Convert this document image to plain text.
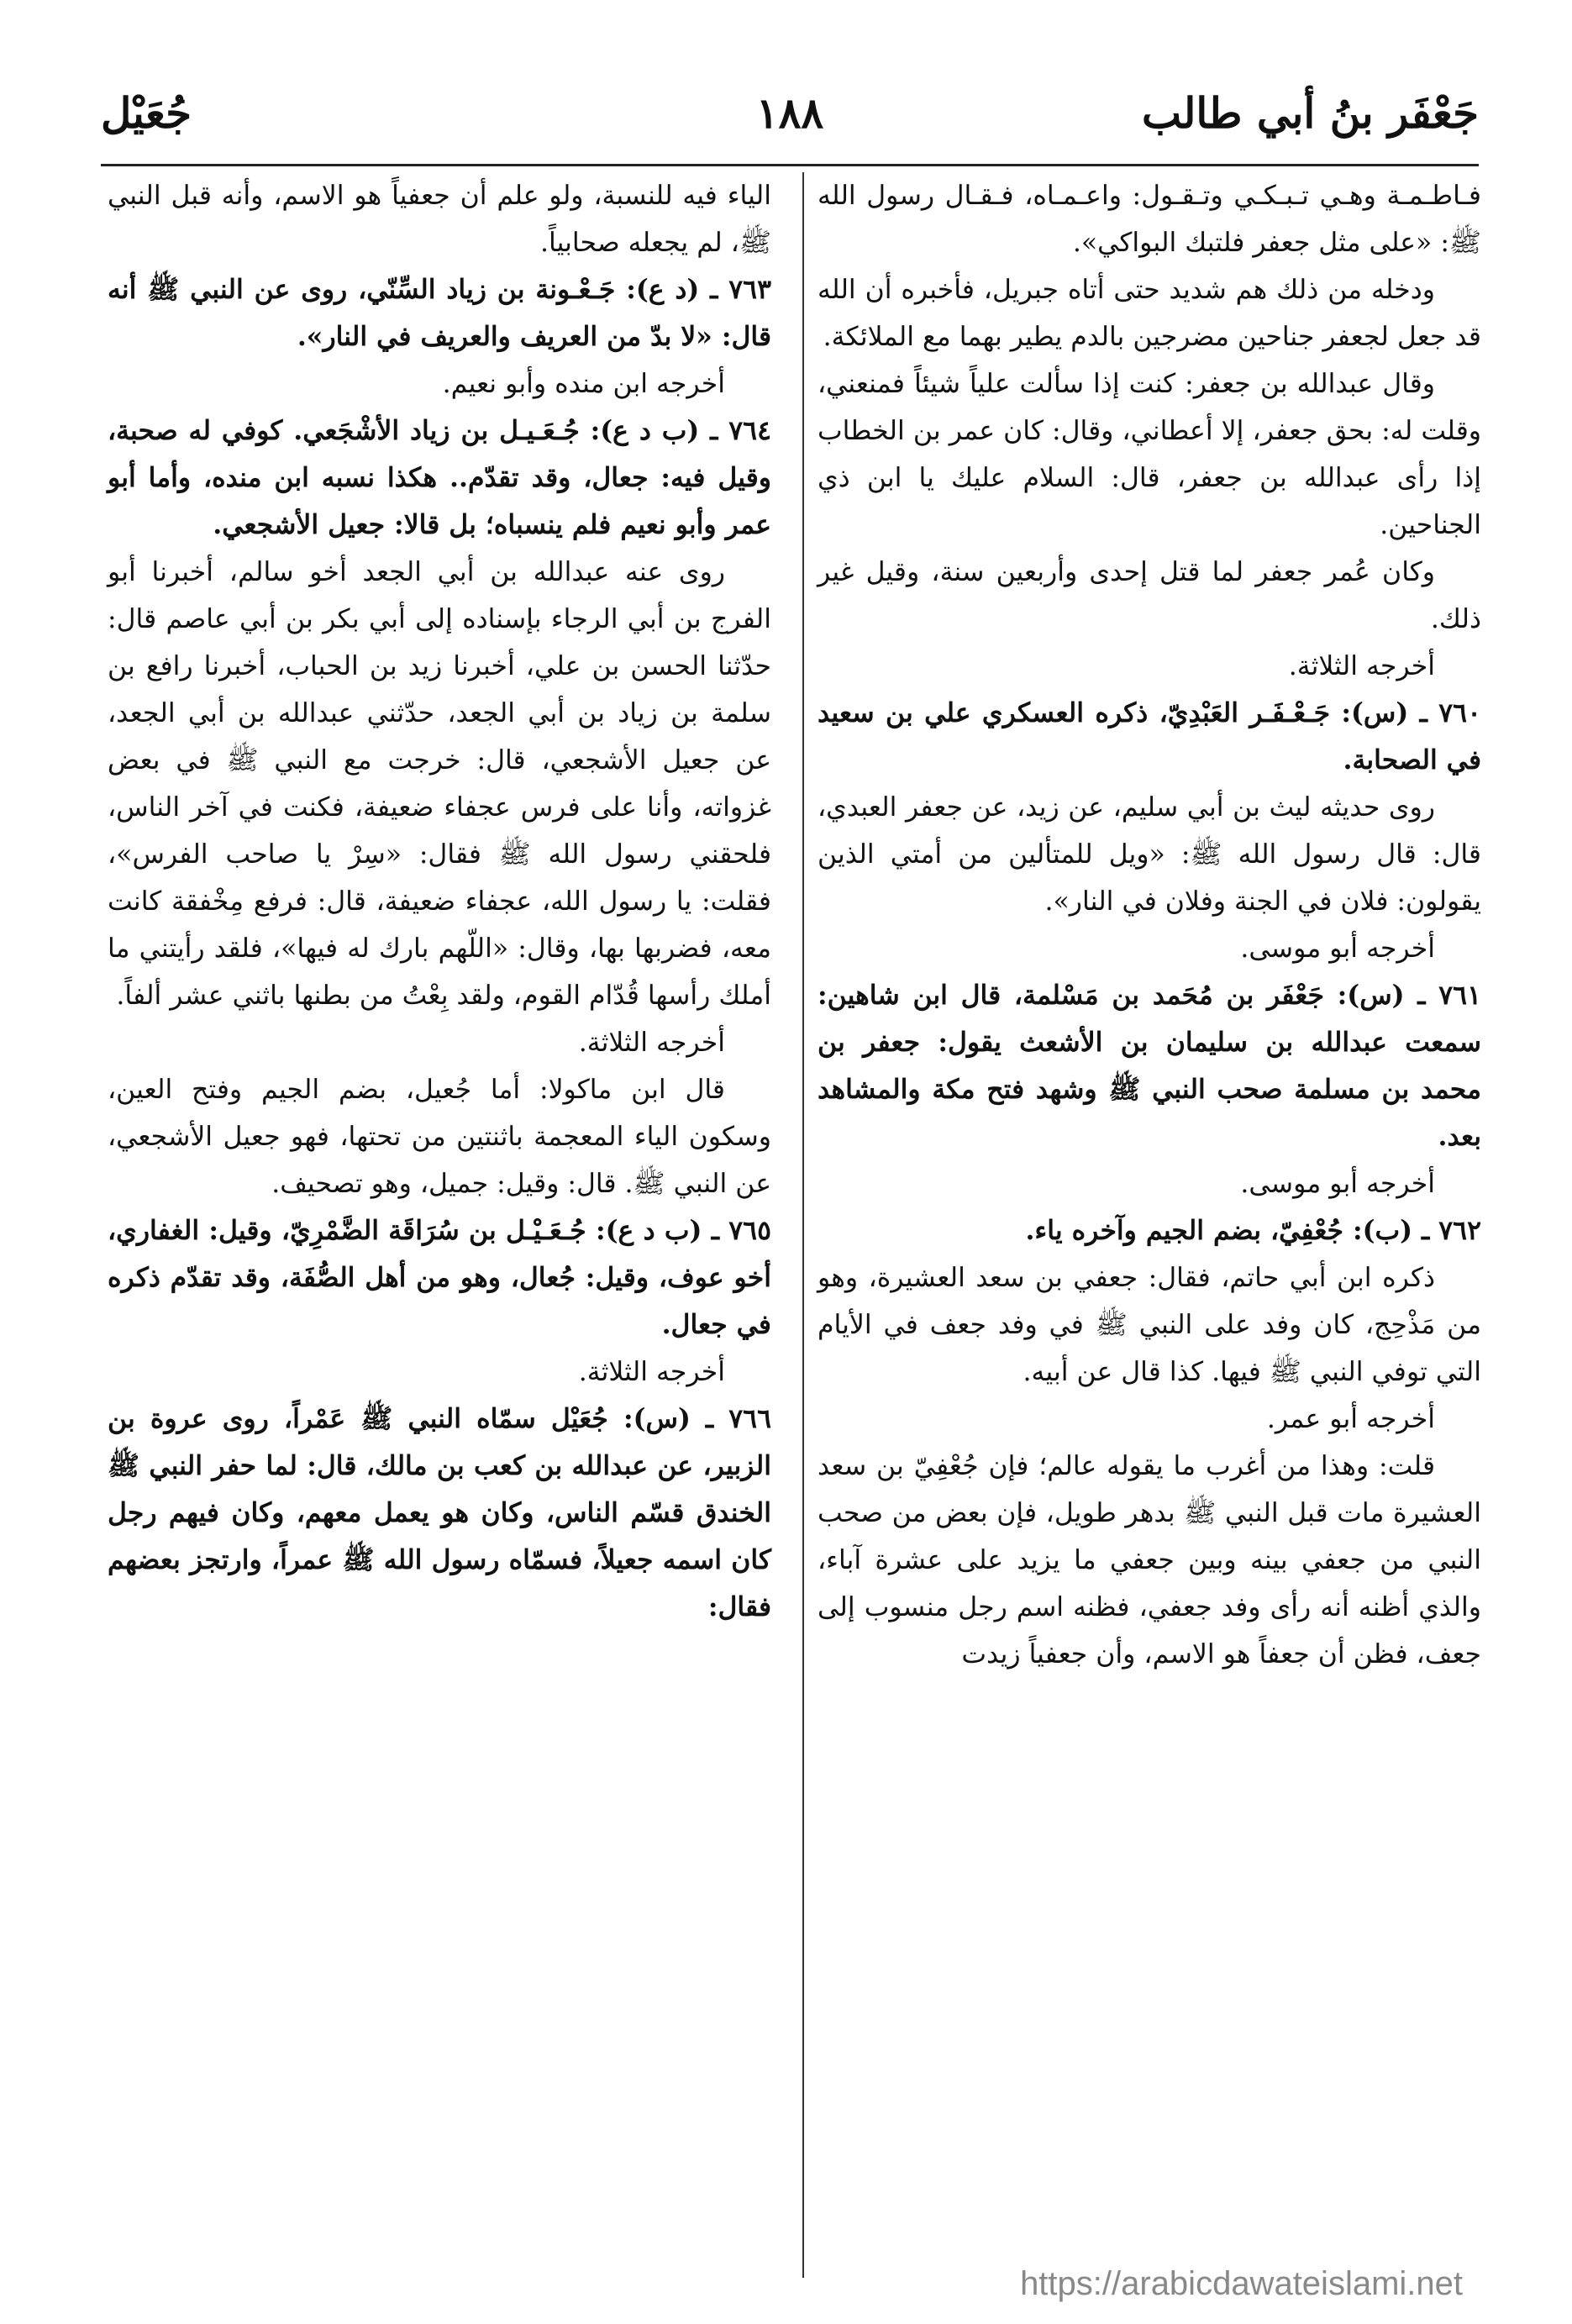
جَعْفَر بنُ أبي طالب
١٨٨
جُعَيْل

فـاطـمـة وهـي تـبـكـي وتـقـول: واعـمـاه، فـقـال رسول الله ﷺ: «على مثل جعفر فلتبك البواكي».

ودخله من ذلك هم شديد حتى أتاه جبريل، فأخبره أن الله قد جعل لجعفر جناحين مضرجين بالدم يطير بهما مع الملائكة.

وقال عبدالله بن جعفر: كنت إذا سألت علياً شيئاً فمنعني، وقلت له: بحق جعفر، إلا أعطاني، وقال: كان عمر بن الخطاب إذا رأى عبدالله بن جعفر، قال: السلام عليك يا ابن ذي الجناحين.

وكان عُمر جعفر لما قتل إحدى وأربعين سنة، وقيل غير ذلك.

أخرجه الثلاثة.

٧٦٠ ـ (س): جَـعْـفَـر العَبْدِيّ، ذكره العسكري علي بن سعيد في الصحابة.

روى حديثه ليث بن أبي سليم، عن زيد، عن جعفر العبدي، قال: قال رسول الله ﷺ: «ويل للمتألين من أمتي الذين يقولون: فلان في الجنة وفلان في النار».

أخرجه أبو موسى.

٧٦١ ـ (س): جَعْفَر بن مُحَمد بن مَسْلمة، قال ابن شاهين: سمعت عبدالله بن سليمان بن الأشعث يقول: جعفر بن محمد بن مسلمة صحب النبي ﷺ وشهد فتح مكة والمشاهد بعد.

أخرجه أبو موسى.

٧٦٢ ـ (ب): جُعْفِيّ، بضم الجيم وآخره ياء.

ذكره ابن أبي حاتم، فقال: جعفي بن سعد العشيرة، وهو من مَذْحِج، كان وفد على النبي ﷺ في وفد جعف في الأيام التي توفي النبي ﷺ فيها. كذا قال عن أبيه.

أخرجه أبو عمر.

قلت: وهذا من أغرب ما يقوله عالم؛ فإن جُعْفِيّ بن سعد العشيرة مات قبل النبي ﷺ بدهر طويل، فإن بعض من صحب النبي من جعفي بينه وبين جعفي ما يزيد على عشرة آباء، والذي أظنه أنه رأى وفد جعفي، فظنه اسم رجل منسوب إلى جعف، فظن أن جعفاً هو الاسم، وأن جعفياً زيدت

الياء فيه للنسبة، ولو علم أن جعفياً هو الاسم، وأنه قبل النبي ﷺ، لم يجعله صحابياً.

٧٦٣ ـ (د ع): جَـعْـونة بن زياد السِّنّي، روى عن النبي ﷺ أنه قال: «لا بدّ من العريف والعريف في النار».

أخرجه ابن منده وأبو نعيم.

٧٦٤ ـ (ب د ع): جُـعَـيـل بن زياد الأشْجَعي. كوفي له صحبة، وقيل فيه: جعال، وقد تقدّم.. هكذا نسبه ابن منده، وأما أبو عمر وأبو نعيم فلم ينسباه؛ بل قالا: جعيل الأشجعي.

روى عنه عبدالله بن أبي الجعد أخو سالم، أخبرنا أبو الفرج بن أبي الرجاء بإسناده إلى أبي بكر بن أبي عاصم قال: حدّثنا الحسن بن علي، أخبرنا زيد بن الحباب، أخبرنا رافع بن سلمة بن زياد بن أبي الجعد، حدّثني عبدالله بن أبي الجعد، عن جعيل الأشجعي، قال: خرجت مع النبي ﷺ في بعض غزواته، وأنا على فرس عجفاء ضعيفة، فكنت في آخر الناس، فلحقني رسول الله ﷺ فقال: «سِرْ يا صاحب الفرس»، فقلت: يا رسول الله، عجفاء ضعيفة، قال: فرفع مِخْفقة كانت معه، فضربها بها، وقال: «اللّهم بارك له فيها»، فلقد رأيتني ما أملك رأسها قُدّام القوم، ولقد بِعْتُ من بطنها باثني عشر ألفاً.

أخرجه الثلاثة.

قال ابن ماكولا: أما جُعيل، بضم الجيم وفتح العين، وسكون الياء المعجمة باثنتين من تحتها، فهو جعيل الأشجعي، عن النبي ﷺ. قال: وقيل: جميل، وهو تصحيف.

٧٦٥ ـ (ب د ع): جُـعَـيْـل بن سُرَاقَة الضَّمْرِيّ، وقيل: الغفاري، أخو عوف، وقيل: جُعال، وهو من أهل الصُّفَة، وقد تقدّم ذكره في جعال.

أخرجه الثلاثة.

٧٦٦ ـ (س): جُعَيْل سمّاه النبي ﷺ عَمْراً، روى عروة بن الزبير، عن عبدالله بن كعب بن مالك، قال: لما حفر النبي ﷺ الخندق قسّم الناس، وكان هو يعمل معهم، وكان فيهم رجل كان اسمه جعيلاً، فسمّاه رسول الله ﷺ عمراً، وارتجز بعضهم فقال:

https://arabicdawateislami.net
